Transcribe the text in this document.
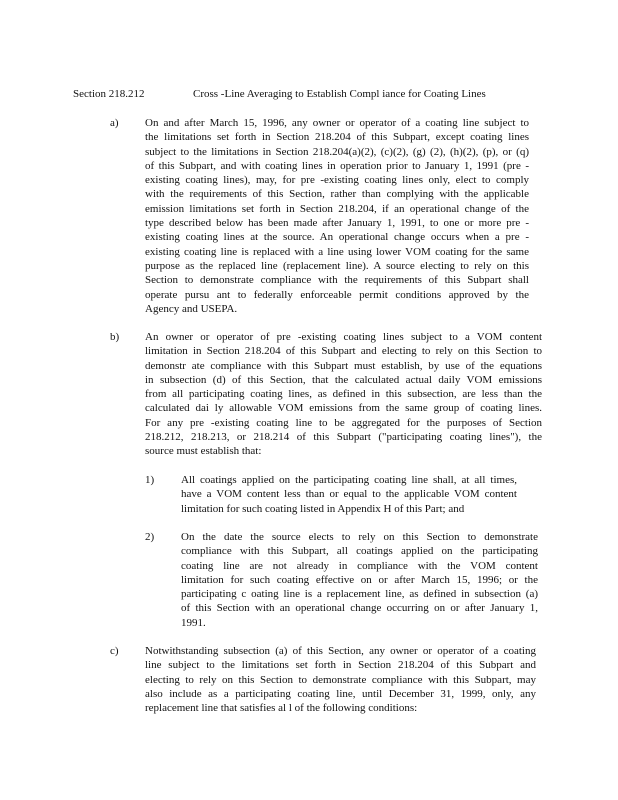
Section 218.212	Cross -Line Averaging to Establish Compl iance for Coating Lines
a) On and after March 15, 1996, any owner or operator of a coating line subject to
the limitations set forth in Section 218.204 of this Subpart, except coating lines
subject to the limitations in Section 218.204(a)(2), (c)(2), (g) (2), (h)(2), (p), or (q)
of this Subpart, and with coating lines in operation prior to January 1, 1991 (pre -
existing coating lines), may, for pre -existing coating lines only, elect to comply
with the requirements of this Section, rather than complying with the applicable
emission limitations set forth in Section 218.204, if an operational change of the
type described below has been made after January 1, 1991, to one or more pre -
existing coating lines at the source. An operational change occurs when a pre -
existing coating line is replaced with a line using lower VOM coating for the same
purpose as the replaced line (replacement line). A source electing to rely on this
Section to demonstrate compliance with the requirements of this Subpart shall
operate pursu ant to federally enforceable permit conditions approved by the
Agency and USEPA.
b) An owner or operator of pre -existing coating lines subject to a VOM content
limitation in Section 218.204 of this Subpart and electing to rely on this Section to
demonstr ate compliance with this Subpart must establish, by use of the equations
in subsection (d) of this Section, that the calculated actual daily VOM emissions
from all participating coating lines, as defined in this subsection, are less than the
calculated dai ly allowable VOM emissions from the same group of coating lines.
For any pre -existing coating line to be aggregated for the purposes of Section
218.212, 218.213, or 218.214 of this Subpart ("participating coating lines"), the
source must establish that:
1) All coatings applied on the participating coating line shall, at all times,
have a VOM content less than or equal to the applicable VOM content
limitation for such coating listed in Appendix H of this Part; and
2) On the date the source elects to rely on this Section to demonstrate
compliance with this Subpart, all coatings applied on the participating
coating line are not already in compliance with the VOM content
limitation for such coating effective on or after March 15, 1996; or the
participating c oating line is a replacement line, as defined in subsection (a)
of this Section with an operational change occurring on or after January 1,
1991.
c) Notwithstanding subsection (a) of this Section, any owner or operator of a coating
line subject to the limitations set forth in Section 218.204 of this Subpart and
electing to rely on this Section to demonstrate compliance with this Subpart, may
also include as a participating coating line, until December 31, 1999, only, any
replacement line that satisfies al l of the following conditions:
